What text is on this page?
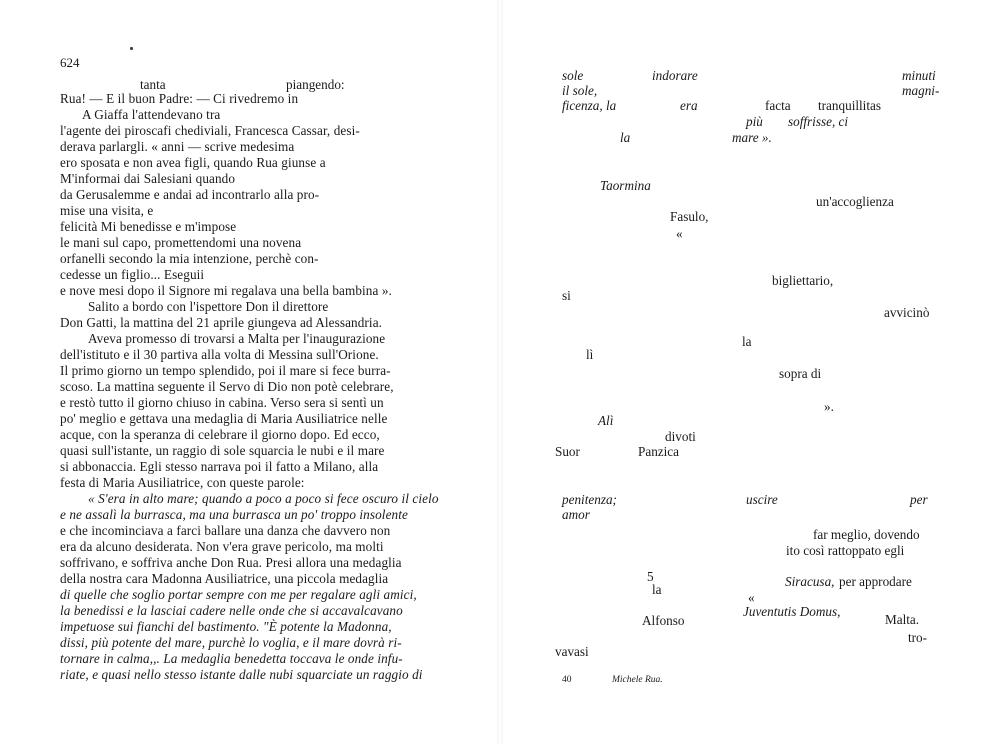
624
tanta	piangendo:
Rua! — E il buon Padre: — Ci rivedremo in
A Giaffa l'attendevano tra
l'agente dei piroscafi chediviali, Francesca Cassar, desi-
derava parlargli. « anni — scrive medesima
ero sposata e non avea figli, quando Rua giunse a
M'informai dai Salesiani quando
da Gerusalemme e andai ad incontrarlo alla pro-
mise una visita, e
felicità Mi benedisse e m'impose
le mani sul capo, promettendomi una novena
orfanelli secondo la mia intenzione, perchè con-
cedesse un figlio... Eseguii
e nove mesi dopo il Signore mi regalava una bella bambina ».
Salito a bordo con l'ispettore Don il direttore
Don Gatti, la mattina del 21 aprile giungeva ad Alessandria.
Aveva promesso di trovarsi a Malta per l'inaugurazione
dell'istituto e il 30 partiva alla volta di Messina sull'Orione.
Il primo giorno un tempo splendido, poi il mare si fece burra-
scoso. La mattina seguente il Servo di Dio non potè celebrare,
e restò tutto il giorno chiuso in cabina. Verso sera si sentì un
po' meglio e gettava una medaglia di Maria Ausiliatrice nelle
acque, con la speranza di celebrare il giorno dopo. Ed ecco,
quasi sull'istante, un raggio di sole squarcia le nubi e il mare
si abbonaccia. Egli stesso narrava poi il fatto a Milano, alla
festa di Maria Ausiliatrice, con queste parole:
« S'era in alto mare; quando a poco a poco si fece oscuro il cielo
e ne assalì la burrasca, ma una burrasca un po' troppo insolente
e che incominciava a farci ballare una danza che davvero non
era da alcuno desiderata. Non v'era grave pericolo, ma molti
soffrivano, e soffriva anche Don Rua. Presi allora una medaglia
della nostra cara Madonna Ausiliatrice, una piccola medaglia
di quelle che soglio portar sempre con me per regalare agli amici,
la benedissi e la lasciai cadere nelle onde che si accavalcavano
impetuose sui fianchi del bastimento. "È potente la Madonna,
dissi, più potente del mare, purchè lo voglia, e il mare dovrà ri-
tornare in calma,,. La medaglia benedetta toccava le onde infu-
riate, e quasi nello stesso istante dalle nubi squarciate un raggio di
sole	indorare	minuti
il sole,	magni-
ficenza, la	era	facta tranquillitas
più soffrisse, ci
la	mare ».
Taormina
un'accoglienza
Fasulo,
«
bigliettario,
si
avvicinò
la
lì
sopra di
».
Alì
divoti
Suor	Panzica
penitenza;	uscire	per
amor
far meglio, dovendo
ito così rattoppato egli
5	Siracusa, per approdare
la
«
Juventutis Domus,
Malta.
Alfonso
tro-
vavasi
40	Michele Rua.
